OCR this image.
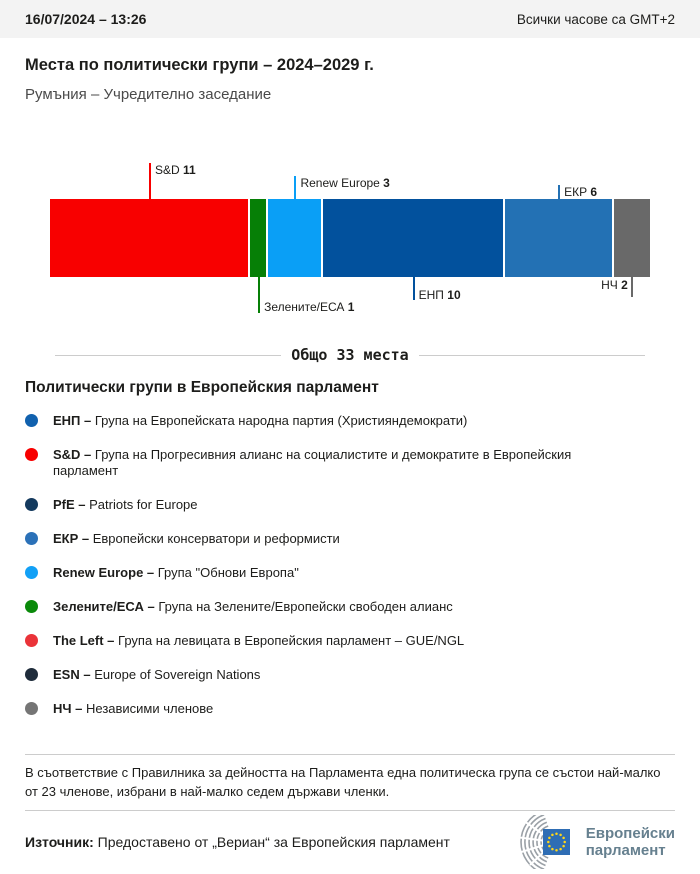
16/07/2024 – 13:26	Всички часове са GMT+2
Места по политически групи – 2024–2029 г.
Румъния – Учредително заседание
S&D 11
Зелените/ЕСА 1
Renew Europe 3
ЕНП 10
ЕКР 6
НЧ 2
Общо 33 места
Политически групи в Европейския парламент

ЕНП – Група на Европейската народна партия (Християндемократи)

S&D – Група на Прогресивния алианс на социалистите и демократите в Европейския парламент

PfE – Patriots for Europe

ЕКР – Европейски консерватори и реформисти

Renew Europe – Група "Обнови Европа"

Зелените/ЕСА – Група на Зелените/Европейски свободен алианс

The Left – Група на левицата в Европейския парламент – GUE/NGL

ESN – Europe of Sovereign Nations

НЧ – Независими членове

В съответствие с Правилника за дейността на Парламента една политическа група се състои най-малко от 23 членове, избрани в най-малко седем държави членки.

Източник: Предоставено от „Вериан“ за Европейския парламент	Европейски
парламент
